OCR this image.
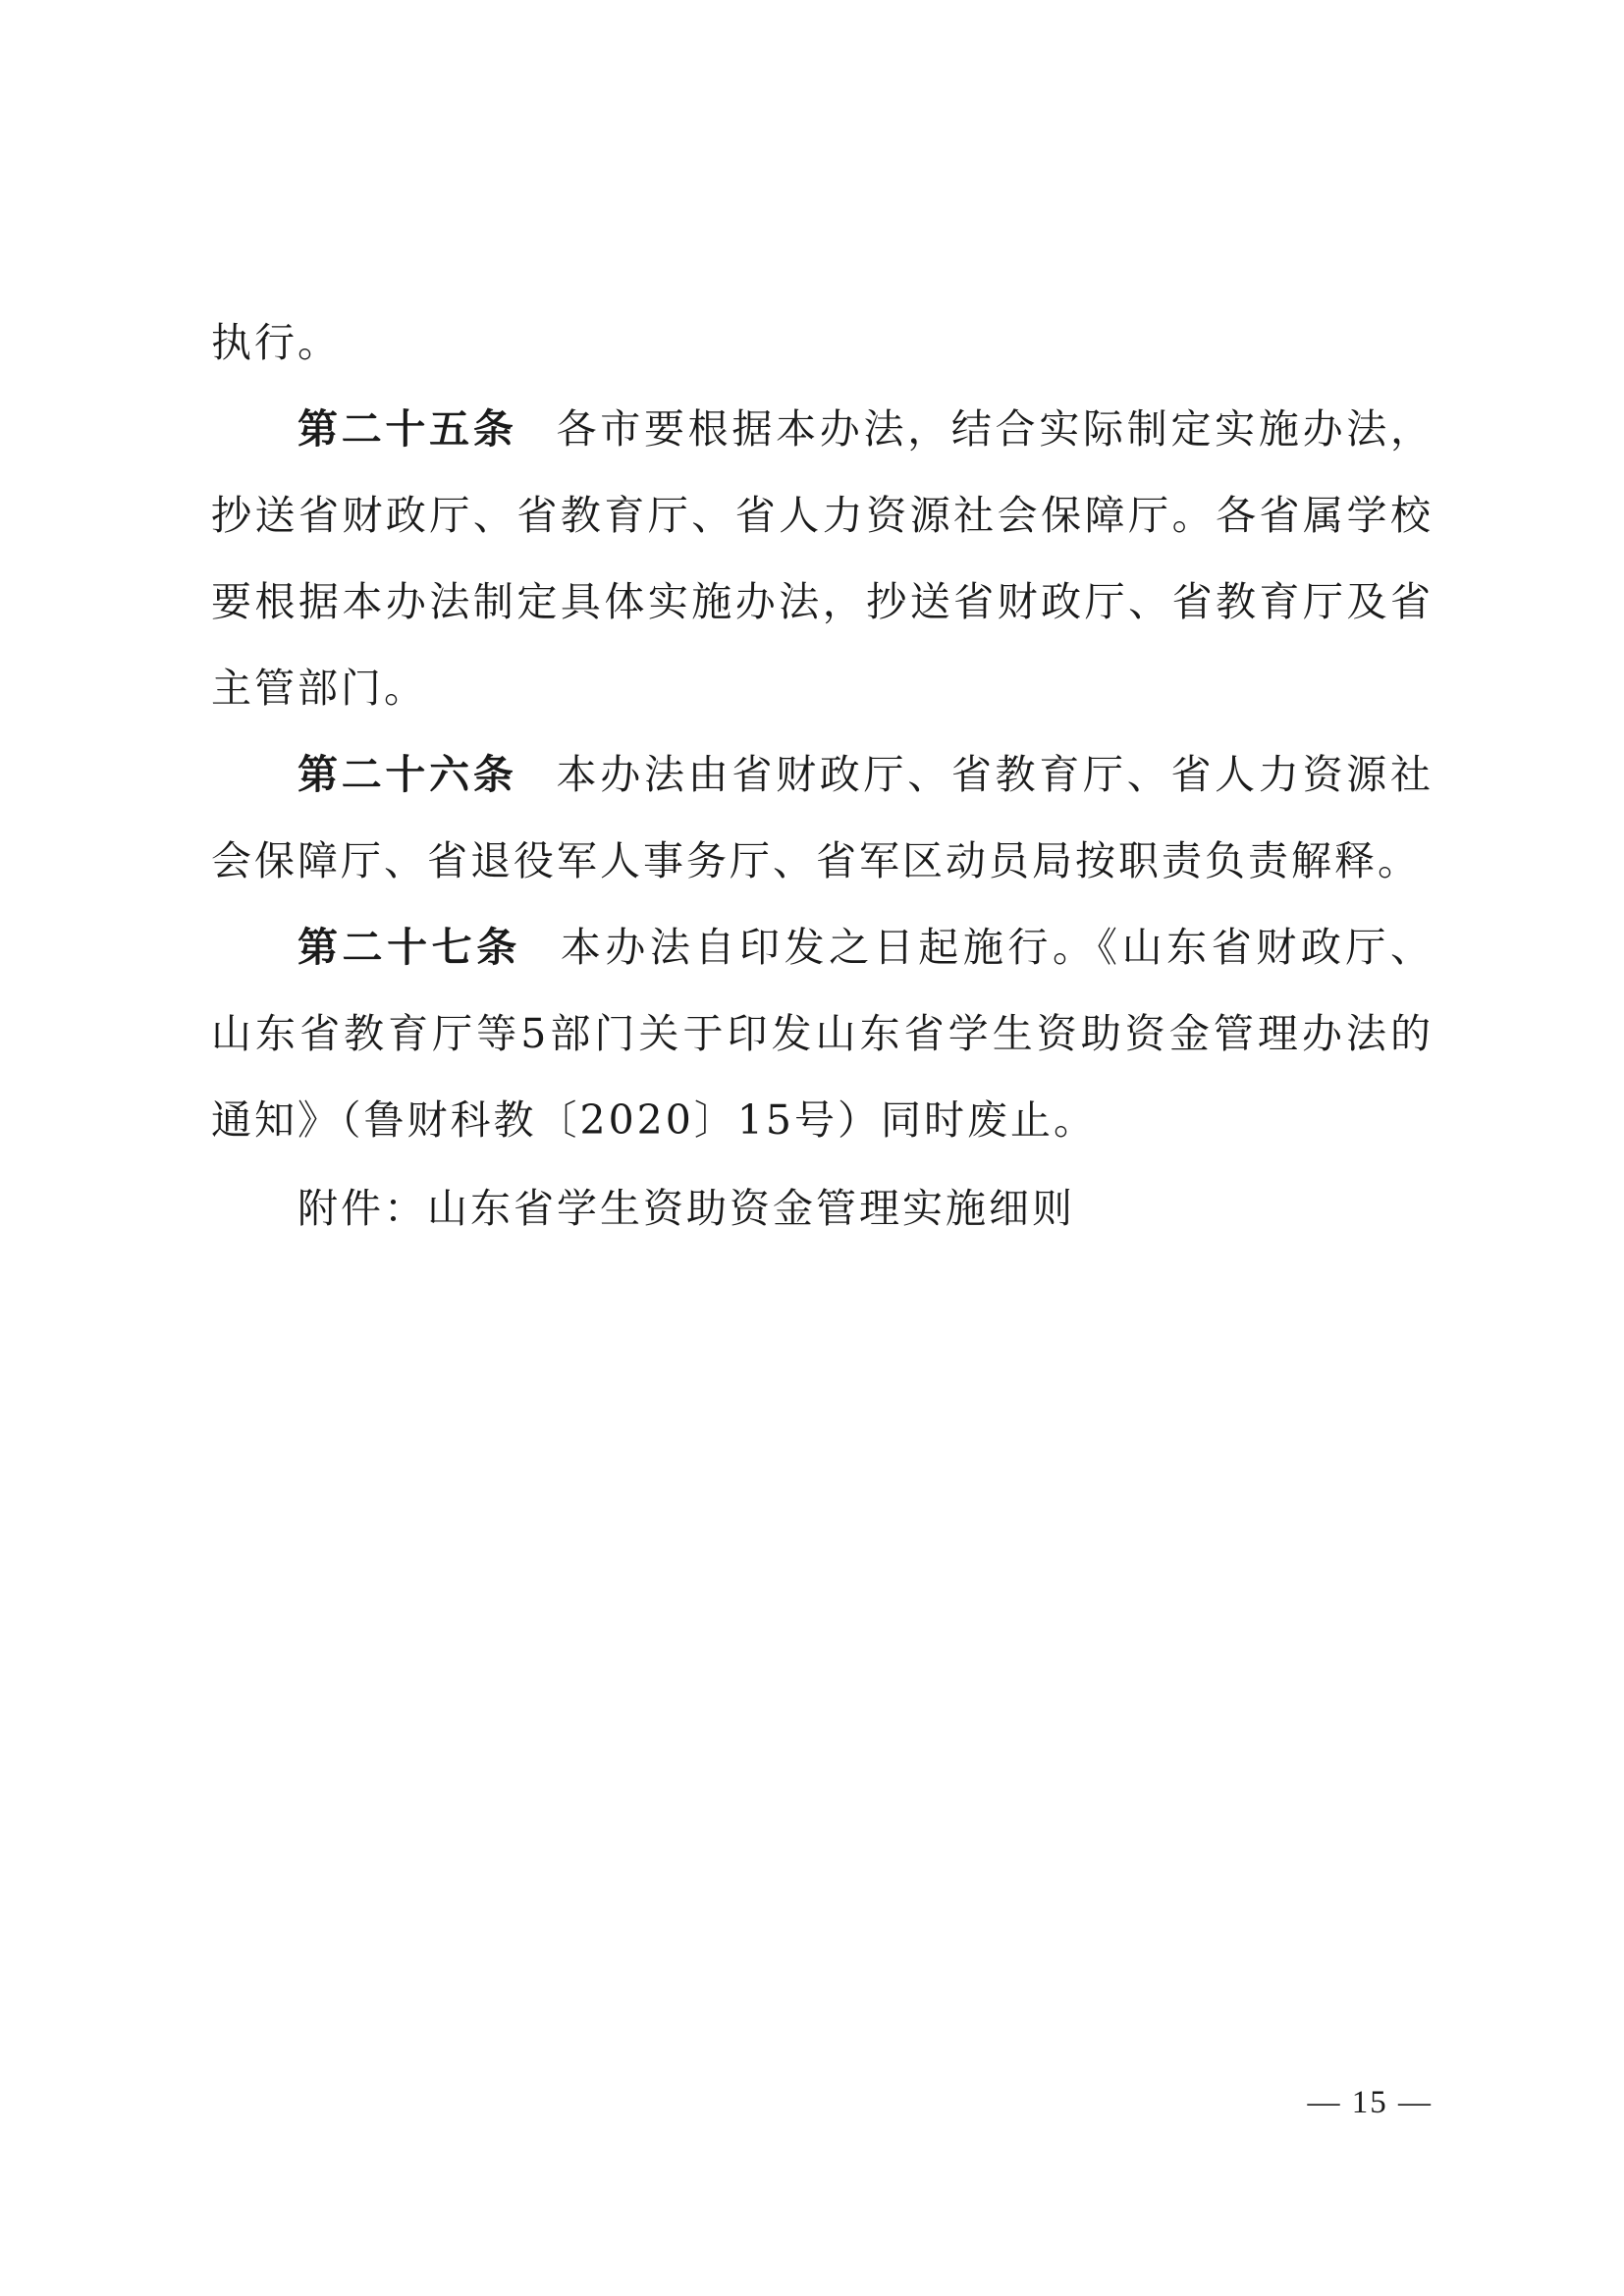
执行。

第二十五条 各市要根据本办法，结合实际制定实施办法，抄送省财政厅、省教育厅、省人力资源社会保障厅。各省属学校要根据本办法制定具体实施办法，抄送省财政厅、省教育厅及省主管部门。

第二十六条 本办法由省财政厅、省教育厅、省人力资源社会保障厅、省退役军人事务厅、省军区动员局按职责负责解释。

第二十七条 本办法自印发之日起施行。《山东省财政厅、山东省教育厅等5部门关于印发山东省学生资助资金管理办法的通知》（鲁财科教〔2020〕15号）同时废止。

附件：山东省学生资助资金管理实施细则

— 15 —
